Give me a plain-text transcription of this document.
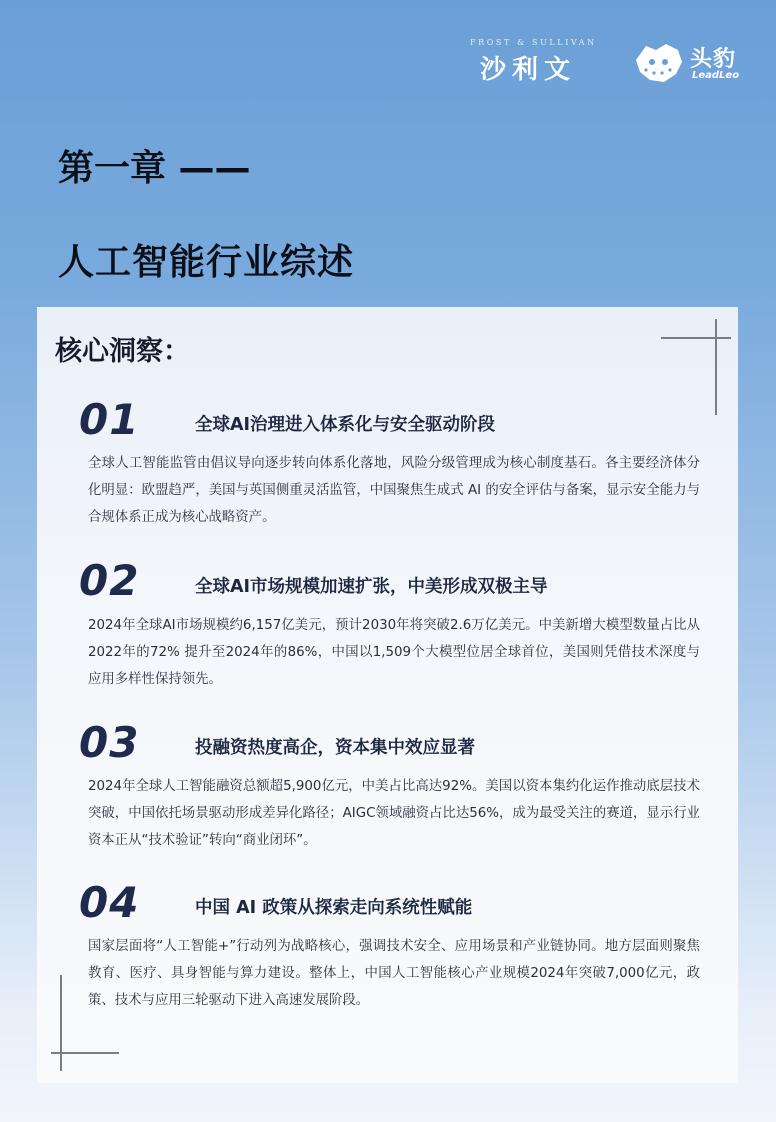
FROST & SULLIVAN
沙利文	头豹
LeadLeo
第一章 ——
人工智能行业综述
核心洞察：
01	全球AI治理进入体系化与安全驱动阶段
全球人工智能监管由倡议导向逐步转向体系化落地，风险分级管理成为核心制度基石。各主要经济体分化明显：欧盟趋严，美国与英国侧重灵活监管，中国聚焦生成式 AI 的安全评估与备案，显示安全能力与合规体系正成为核心战略资产。
02	全球AI市场规模加速扩张，中美形成双极主导
2024年全球AI市场规模约6,157亿美元，预计2030年将突破2.6万亿美元。中美新增大模型数量占比从2022年的72% 提升至2024年的86%，中国以1,509个大模型位居全球首位，美国则凭借技术深度与应用多样性保持领先。
03	投融资热度高企，资本集中效应显著
2024年全球人工智能融资总额超5,900亿元，中美占比高达92%。美国以资本集约化运作推动底层技术突破，中国依托场景驱动形成差异化路径；AIGC领域融资占比达56%，成为最受关注的赛道，显示行业资本正从“技术验证”转向“商业闭环”。
04	中国 AI 政策从探索走向系统性赋能
国家层面将“人工智能+”行动列为战略核心，强调技术安全、应用场景和产业链协同。地方层面则聚焦教育、医疗、具身智能与算力建设。整体上，中国人工智能核心产业规模2024年突破7,000亿元，政策、技术与应用三轮驱动下进入高速发展阶段。
